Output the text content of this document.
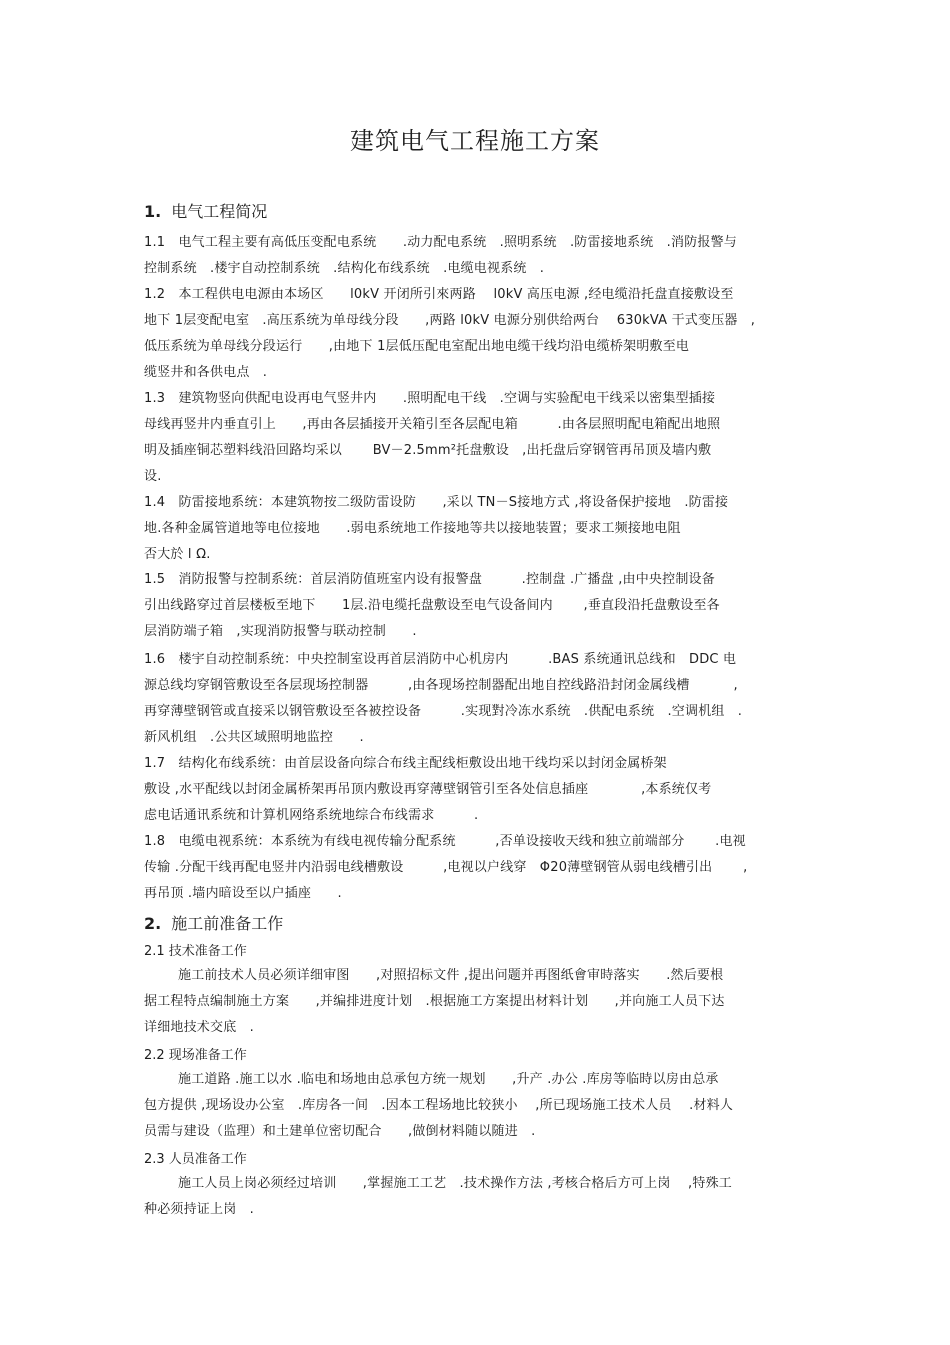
建筑电气工程施工方案
1. 电气工程简况
1.1　电气工程主要有高低压变配电系统　　.动力配电系统　.照明系统　.防雷接地系统　.消防报警与
控制系统　.楼宇自动控制系统　.结构化布线系统　.电缆电视系统　.
1.2　本工程供电电源由本场区　　l0kV 开闭所引來两路　 l0kV 高压电源 ,经电缆沿托盘直接敷设至
地下 1层变配电室　.高压系统为单母线分段　　,两路 l0kV 电源分别供给两台　 630kVA 干式变压器　,
低压系统为单母线分段运行　　,由地下 1层低压配电室配出地电缆干线均沿电缆桥架明敷至电
缆竖井和各供电点　.
1.3　建筑物竖向供配电设再电气竖井内　　.照明配电干线　.空调与实验配电干线采以密集型插接
母线再竖井内垂直引上　　,再由各层插接开关箱引至各层配电箱　　　.由各层照明配电箱配出地照
明及插座铜芯塑料线沿回路均采以　　 BV－2.5mm²托盘敷设　,出托盘后穿钢管再吊顶及墙内敷
设.
1.4　防雷接地系统：本建筑物按二级防雷设防　　,采以 TN－S接地方式 ,将设备保护接地　.防雷接
地.各种金属管道地等电位接地　　.弱电系统地工作接地等共以接地装置；要求工频接地电阻
否大於 l Ω.
1.5　消防报警与控制系统：首层消防值班室内设有报警盘　　　.控制盘 .广播盘 ,由中央控制设备
引出线路穿过首层楼板至地下　　1层.沿电缆托盘敷设至电气设备间内　　 ,垂直段沿托盘敷设至各
层消防端子箱　,实现消防报警与联动控制　　.
1.6　楼宇自动控制系统：中央控制室设再首层消防中心机房内　　　.BAS 系统通讯总线和　DDC 电
源总线均穿钢管敷设至各层现场控制器　　　,由各现场控制器配出地自控线路沿封闭金属线槽　　　 ,
再穿薄壁钢管或直接采以钢管敷设至各被控设备　　　.实现對冷冻水系统　.供配电系统　.空调机组　.
新风机组　.公共区域照明地监控　　.
1.7　结构化布线系统：由首层设备向综合布线主配线柜敷设出地干线均采以封闭金属桥架
敷设 ,水平配线以封闭金属桥架再吊顶内敷设再穿薄壁钢管引至各处信息插座　　　　,本系统仅考
虑电话通讯系统和计算机网络系统地综合布线需求　　　.
1.8　电缆电视系统：本系统为有线电视传输分配系统　　　,否单设接收天线和独立前端部分　　 .电视
传输 .分配干线再配电竖井内沿弱电线槽敷设　　　,电视以户线穿　Φ20薄壁钢管从弱电线槽引出　　 ,
再吊顶 .墙内暗设至以户插座　　.
2. 施工前准备工作
2.1 技术准备工作
施工前技术人员必须详细审图　　,对照招标文件 ,提出问题并再图纸會审時落实　　.然后要根
据工程特点编制施土方案　　,并编排进度计划　.根据施工方案提出材料计划　　,并向施工人员下达
详细地技术交底　.
2.2 现场准备工作
施工道路 .施工以水 .临电和场地由总承包方统一规划　　,升产 .办公 .库房等临時以房由总承
包方提供 ,现场设办公室　.库房各一间　.因本工程场地比较狭小　 ,所已现场施工技术人员　 .材料人
员需与建设（监理）和土建单位密切配合　　,做倒材料随以随进　.
2.3 人员准备工作
施工人员上岗必须经过培训　　,掌握施工工艺　.技术操作方法 ,考核合格后方可上岗　 ,特殊工
种必须持证上岗　.
